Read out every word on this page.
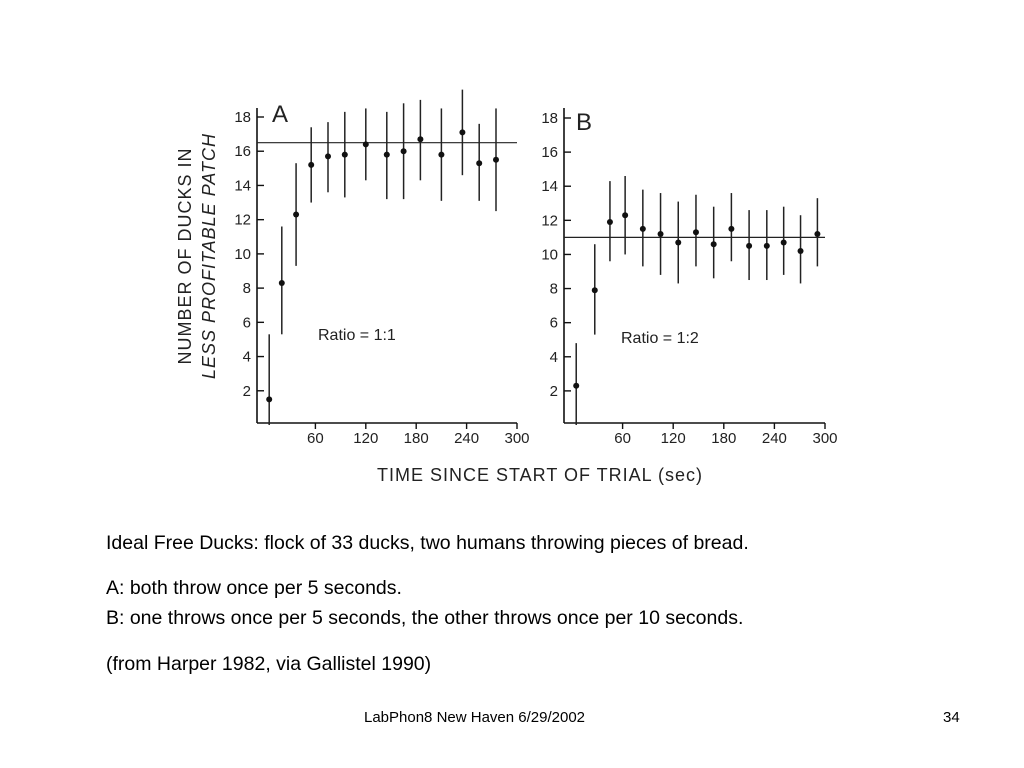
NUMBER OF DUCKS IN LESS PROFITABLE PATCH
A
Ratio = 1:1
2
4
6
8
10
12
14
16
18
60 120 180 240 300
B
Ratio = 1:2
2
4
6
8
10
12
14
16
18
60 120 180 240 300
TIME SINCE START OF TRIAL (sec)
Ideal Free Ducks: flock of 33 ducks, two humans throwing pieces of bread.
A: both throw once per 5 seconds.
B: one throws once per 5 seconds, the other throws once per 10 seconds.
(from Harper 1982, via Gallistel 1990)
LabPhon8 New Haven 6/29/2002	34
